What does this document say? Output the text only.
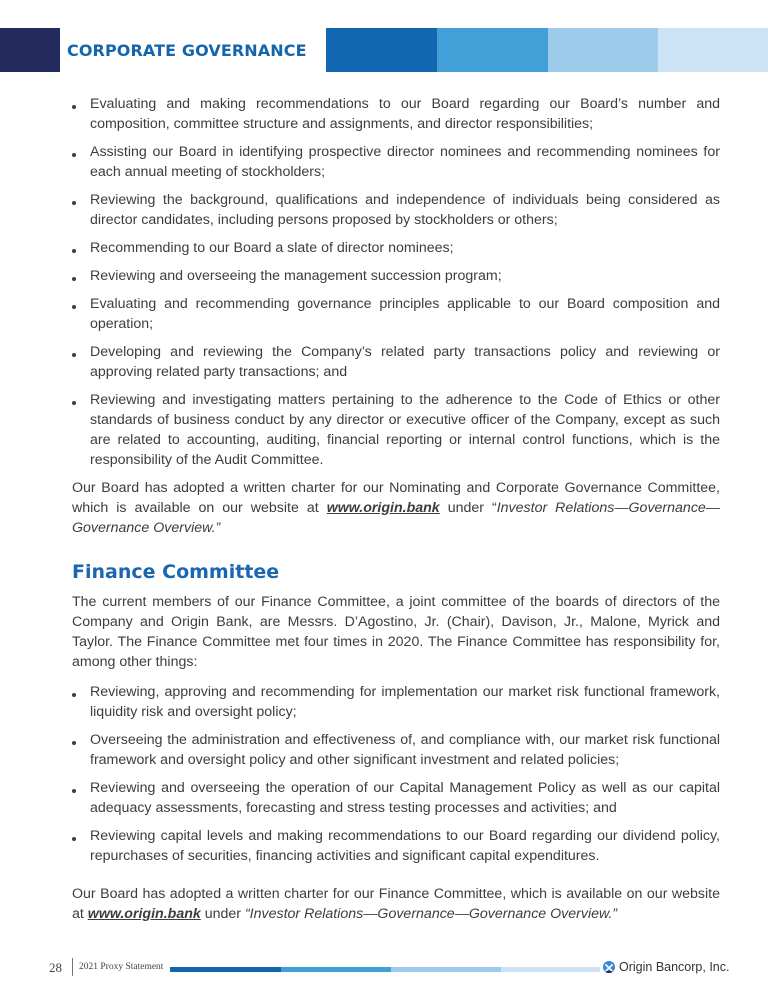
CORPORATE GOVERNANCE
Evaluating and making recommendations to our Board regarding our Board’s number and composition, committee structure and assignments, and director responsibilities;
Assisting our Board in identifying prospective director nominees and recommending nominees for each annual meeting of stockholders;
Reviewing the background, qualifications and independence of individuals being considered as director candidates, including persons proposed by stockholders or others;
Recommending to our Board a slate of director nominees;
Reviewing and overseeing the management succession program;
Evaluating and recommending governance principles applicable to our Board composition and operation;
Developing and reviewing the Company’s related party transactions policy and reviewing or approving related party transactions; and
Reviewing and investigating matters pertaining to the adherence to the Code of Ethics or other standards of business conduct by any director or executive officer of the Company, except as such are related to accounting, auditing, financial reporting or internal control functions, which is the responsibility of the Audit Committee.

Our Board has adopted a written charter for our Nominating and Corporate Governance Committee, which is available on our website at www.origin.bank under “Investor Relations—Governance—Governance Overview.”

Finance Committee

The current members of our Finance Committee, a joint committee of the boards of directors of the Company and Origin Bank, are Messrs. D’Agostino, Jr. (Chair), Davison, Jr., Malone, Myrick and Taylor. The Finance Committee met four times in 2020. The Finance Committee has responsibility for, among other things:

Reviewing, approving and recommending for implementation our market risk functional framework, liquidity risk and oversight policy;
Overseeing the administration and effectiveness of, and compliance with, our market risk functional framework and oversight policy and other significant investment and related policies;
Reviewing and overseeing the operation of our Capital Management Policy as well as our capital adequacy assessments, forecasting and stress testing processes and activities; and
Reviewing capital levels and making recommendations to our Board regarding our dividend policy, repurchases of securities, financing activities and significant capital expenditures.

Our Board has adopted a written charter for our Finance Committee, which is available on our website at www.origin.bank under “Investor Relations—Governance—Governance Overview.”

28 2021 Proxy Statement	Origin Bancorp, Inc.
